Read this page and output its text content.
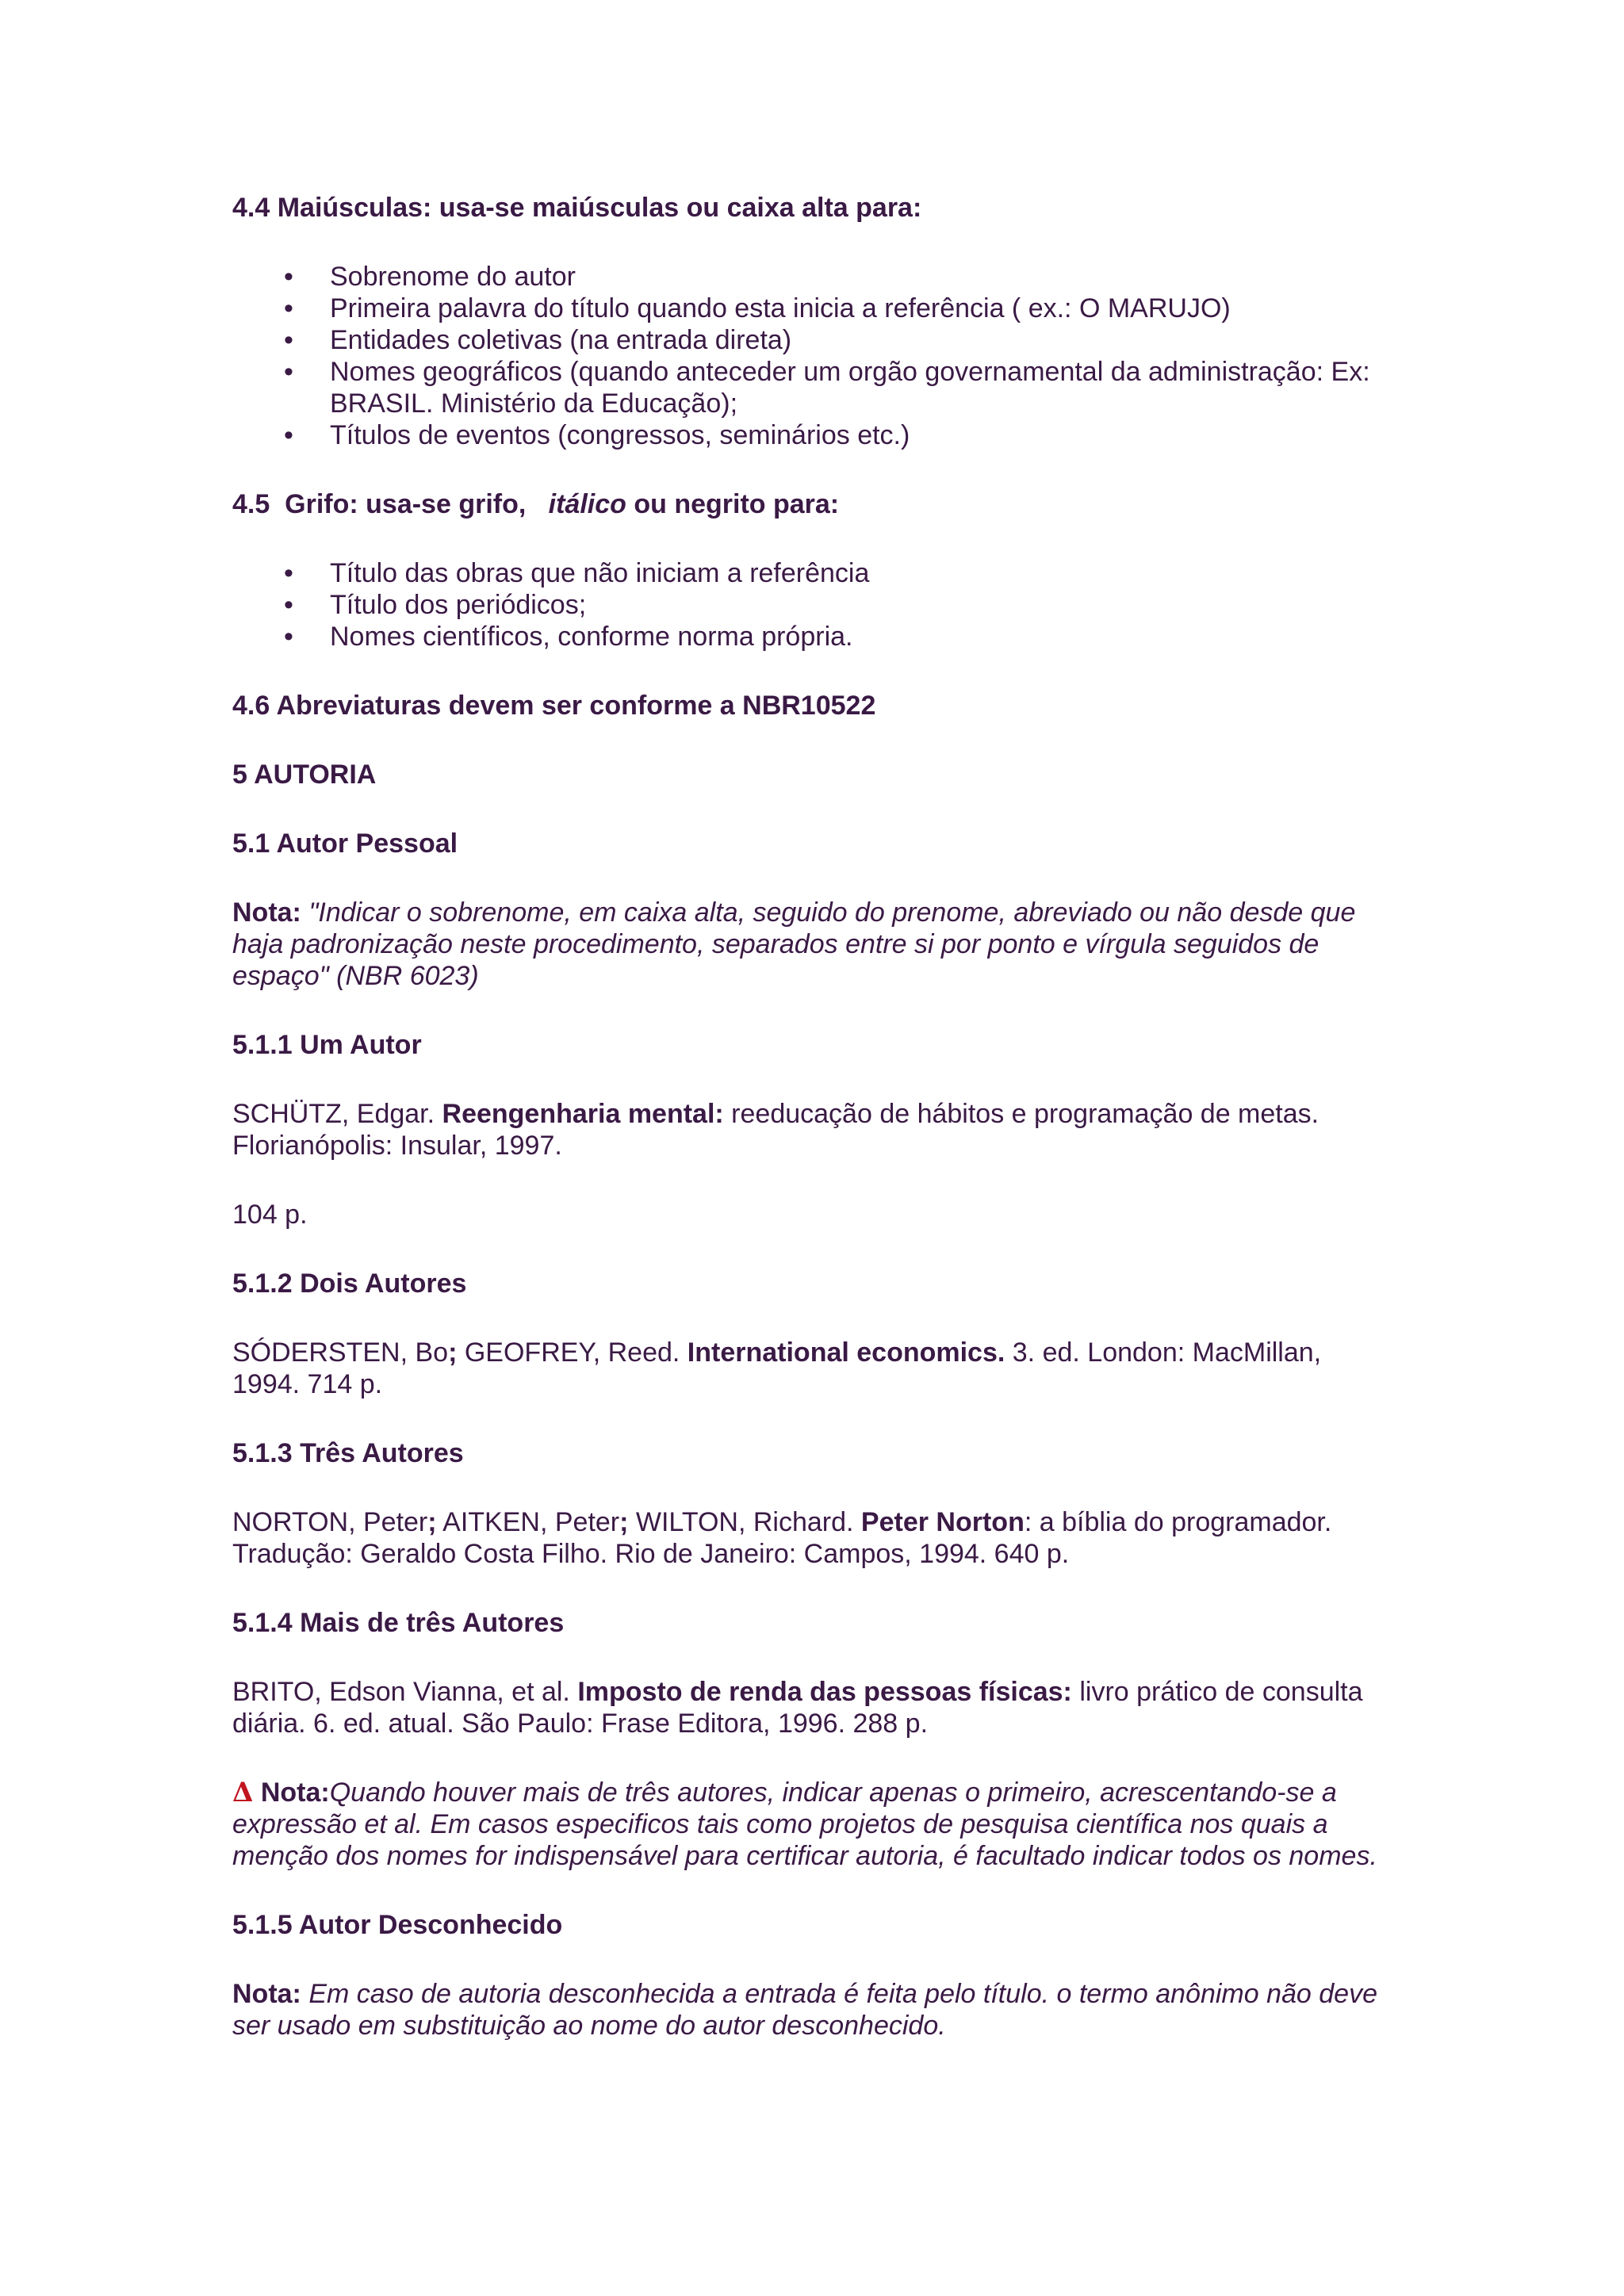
4.4 Maiúsculas: usa-se maiúsculas ou caixa alta para:

• Sobrenome do autor
• Primeira palavra do título quando esta inicia a referência ( ex.: O MARUJO)
• Entidades coletivas (na entrada direta)
• Nomes geográficos (quando anteceder um orgão governamental da administração: Ex:
BRASIL. Ministério da Educação);
• Títulos de eventos (congressos, seminários etc.)

4.5  Grifo: usa-se grifo,   itálico ou negrito para:

• Título das obras que não iniciam a referência
• Título dos periódicos;
• Nomes científicos, conforme norma própria.

4.6 Abreviaturas devem ser conforme a NBR10522

5 AUTORIA

5.1 Autor Pessoal

Nota: "Indicar o sobrenome, em caixa alta, seguido do prenome, abreviado ou não desde que
haja padronização neste procedimento, separados entre si por ponto e vírgula seguidos de
espaço" (NBR 6023)

5.1.1 Um Autor

SCHÜTZ, Edgar. Reengenharia mental: reeducação de hábitos e programação de metas.
Florianópolis: Insular, 1997.

104 p.

5.1.2 Dois Autores

SÓDERSTEN, Bo; GEOFREY, Reed. International economics. 3. ed. London: MacMillan,
1994. 714 p.

5.1.3 Três Autores

NORTON, Peter; AITKEN, Peter; WILTON, Richard. Peter Norton: a bíblia do programador.
Tradução: Geraldo Costa Filho. Rio de Janeiro: Campos, 1994. 640 p.

5.1.4 Mais de três Autores

BRITO, Edson Vianna, et al. Imposto de renda das pessoas físicas: livro prático de consulta
diária. 6. ed. atual. São Paulo: Frase Editora, 1996. 288 p.

Δ Nota:Quando houver mais de três autores, indicar apenas o primeiro, acrescentando-se a
expressão et al. Em casos especificos tais como projetos de pesquisa científica nos quais a
menção dos nomes for indispensável para certificar autoria, é facultado indicar todos os nomes.

5.1.5 Autor Desconhecido

Nota: Em caso de autoria desconhecida a entrada é feita pelo título. o termo anônimo não deve
ser usado em substituição ao nome do autor desconhecido.
